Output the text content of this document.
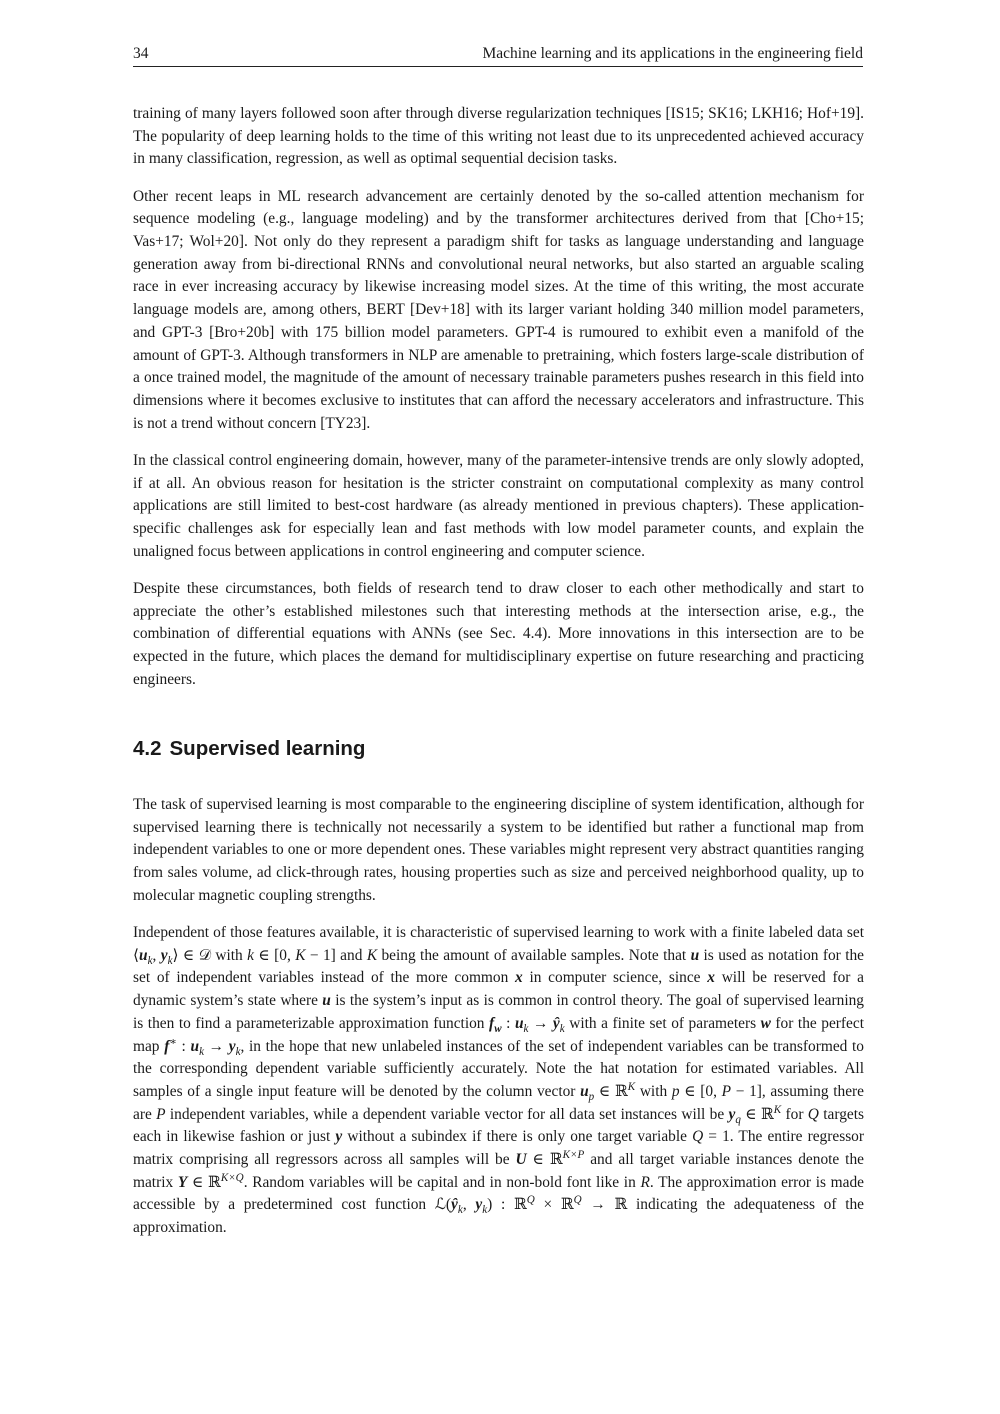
34	Machine learning and its applications in the engineering field

training of many layers followed soon after through diverse regularization techniques [IS15; SK16; LKH16; Hof+19]. The popularity of deep learning holds to the time of this writing not least due to its unprecedented achieved accuracy in many classification, regression, as well as optimal sequential decision tasks.

Other recent leaps in ML research advancement are certainly denoted by the so-called attention mechanism for sequence modeling (e.g., language modeling) and by the transformer architectures derived from that [Cho+15; Vas+17; Wol+20]. Not only do they represent a paradigm shift for tasks as language understanding and language generation away from bi-directional RNNs and convolutional neural networks, but also started an arguable scaling race in ever increasing accuracy by likewise increasing model sizes. At the time of this writing, the most accurate language models are, among others, BERT [Dev+18] with its larger variant holding 340 million model parameters, and GPT-3 [Bro+20b] with 175 billion model parameters. GPT-4 is rumoured to exhibit even a manifold of the amount of GPT-3. Although transformers in NLP are amenable to pretraining, which fosters large-scale distribution of a once trained model, the magnitude of the amount of necessary trainable parameters pushes research in this field into dimensions where it becomes exclusive to institutes that can afford the necessary accelerators and infrastructure. This is not a trend without concern [TY23].

In the classical control engineering domain, however, many of the parameter-intensive trends are only slowly adopted, if at all. An obvious reason for hesitation is the stricter constraint on computational complexity as many control applications are still limited to best-cost hardware (as already mentioned in previous chapters). These application-specific challenges ask for especially lean and fast methods with low model parameter counts, and explain the unaligned focus between applications in control engineering and computer science.

Despite these circumstances, both fields of research tend to draw closer to each other methodically and start to appreciate the other’s established milestones such that interesting methods at the intersection arise, e.g., the combination of differential equations with ANNs (see Sec. 4.4). More innovations in this intersection are to be expected in the future, which places the demand for multidisciplinary expertise on future researching and practicing engineers.

4.2 Supervised learning

The task of supervised learning is most comparable to the engineering discipline of system identification, although for supervised learning there is technically not necessarily a system to be identified but rather a functional map from independent variables to one or more dependent ones. These variables might represent very abstract quantities ranging from sales volume, ad click-through rates, housing properties such as size and perceived neighborhood quality, up to molecular magnetic coupling strengths.

Independent of those features available, it is characteristic of supervised learning to work with a finite labeled data set $⟨u_k$, $y_k⟩$ ∈ 𝒟 with k ∈ [0, K − 1] and K being the amount of available samples. Note that u is used as notation for the set of independent variables instead of the more common x in computer science, since x will be reserved for a dynamic system’s state where u is the system’s input as is common in control theory. The goal of supervised learning is then to find a parameterizable approximation function $f_w$ : $u_k$ → $ŷ_k$ with a finite set of parameters w for the perfect map f∗ : $u_k \to y_k$, in the hope that new unlabeled instances of the set of independent variables can be transformed to the corresponding dependent variable sufficiently accurately. Note the hat notation for estimated variables. All samples of a single input feature will be denoted by the column vector $u_p$ ∈ ℝ$^K$ with p ∈ [0, P − 1], assuming there are P independent variables, while a dependent variable vector for all data set instances will be $y_q$ ∈ ℝ$^K$ for Q targets each in likewise fashion or just y without a subindex if there is only one target variable Q = 1. The entire regressor matrix comprising all regressors across all samples will be U ∈ ℝ$^{K\times P}$ and all target variable instances denote the matrix Y ∈ ℝ$^{K\times Q}$. Random variables will be capital and in non-bold font like in R. The approximation error is made accessible by a predetermined cost function $ℒ(ŷ_k$, $y_k$) : ℝ$^Q$ × ℝ$^Q$ → ℝ indicating the adequateness of the approximation.
